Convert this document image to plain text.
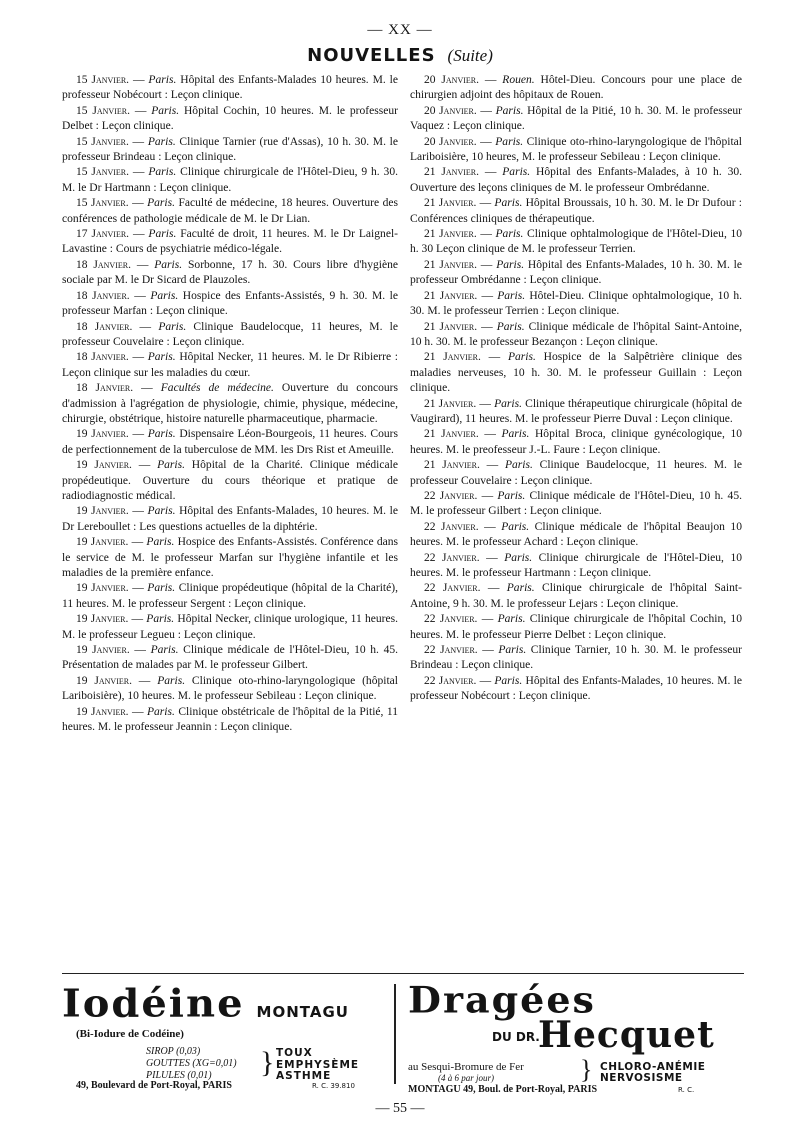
— XX —
NOUVELLES (Suite)

15 Janvier. — Paris. Hôpital des Enfants-Malades 10 heures. M. le professeur Nobécourt : Leçon clinique.

15 Janvier. — Paris. Hôpital Cochin, 10 heures. M. le professeur Delbet : Leçon clinique.

15 Janvier. — Paris. Clinique Tarnier (rue d'Assas), 10 h. 30. M. le professeur Brindeau : Leçon clinique.

15 Janvier. — Paris. Clinique chirurgicale de l'Hôtel-Dieu, 9 h. 30. M. le Dr Hartmann : Leçon clinique.

15 Janvier. — Paris. Faculté de médecine, 18 heures. Ouverture des conférences de pathologie médicale de M. le Dr Lian.

17 Janvier. — Paris. Faculté de droit, 11 heures. M. le Dr Laignel-Lavastine : Cours de psychiatrie médico-légale.

18 Janvier. — Paris. Sorbonne, 17 h. 30. Cours libre d'hygiène sociale par M. le Dr Sicard de Plauzoles.

18 Janvier. — Paris. Hospice des Enfants-Assistés, 9 h. 30. M. le professeur Marfan : Leçon clinique.

18 Janvier. — Paris. Clinique Baudelocque, 11 heures, M. le professeur Couvelaire : Leçon clinique.

18 Janvier. — Paris. Hôpital Necker, 11 heures. M. le Dr Ribierre : Leçon clinique sur les maladies du cœur.

18 Janvier. — Facultés de médecine. Ouverture du concours d'admission à l'agrégation de physiologie, chimie, physique, médecine, chirurgie, obstétrique, histoire naturelle pharmaceutique, pharmacie.

19 Janvier. — Paris. Dispensaire Léon-Bourgeois, 11 heures. Cours de perfectionnement de la tuberculose de MM. les Drs Rist et Ameuille.

19 Janvier. — Paris. Hôpital de la Charité. Clinique médicale propédeutique. Ouverture du cours théorique et pratique de radiodiagnostic médical.

19 Janvier. — Paris. Hôpital des Enfants-Malades, 10 heures. M. le Dr Lereboullet : Les questions actuelles de la diphtérie.

19 Janvier. — Paris. Hospice des Enfants-Assistés. Conférence dans le service de M. le professeur Marfan sur l'hygiène infantile et les maladies de la première enfance.

19 Janvier. — Paris. Clinique propédeutique (hôpital de la Charité), 11 heures. M. le professeur Sergent : Leçon clinique.

19 Janvier. — Paris. Hôpital Necker, clinique urologique, 11 heures. M. le professeur Legueu : Leçon clinique.

19 Janvier. — Paris. Clinique médicale de l'Hôtel-Dieu, 10 h. 45. Présentation de malades par M. le professeur Gilbert.

19 Janvier. — Paris. Clinique oto-rhino-laryngologique (hôpital Lariboisière), 10 heures. M. le professeur Sebileau : Leçon clinique.

19 Janvier. — Paris. Clinique obstétricale de l'hôpital de la Pitié, 11 heures. M. le professeur Jeannin : Leçon clinique.

20 Janvier. — Rouen. Hôtel-Dieu. Concours pour une place de chirurgien adjoint des hôpitaux de Rouen.

20 Janvier. — Paris. Hôpital de la Pitié, 10 h. 30. M. le professeur Vaquez : Leçon clinique.

20 Janvier. — Paris. Clinique oto-rhino-laryngologique de l'hôpital Lariboisière, 10 heures, M. le professeur Sebileau : Leçon clinique.

21 Janvier. — Paris. Hôpital des Enfants-Malades, à 10 h. 30. Ouverture des leçons cliniques de M. le professeur Ombrédanne.

21 Janvier. — Paris. Hôpital Broussais, 10 h. 30. M. le Dr Dufour : Conférences cliniques de thérapeutique.

21 Janvier. — Paris. Clinique ophtalmologique de l'Hôtel-Dieu, 10 h. 30 Leçon clinique de M. le professeur Terrien.

21 Janvier. — Paris. Hôpital des Enfants-Malades, 10 h. 30. M. le professeur Ombrédanne : Leçon clinique.

21 Janvier. — Paris. Hôtel-Dieu. Clinique ophtalmologique, 10 h. 30. M. le professeur Terrien : Leçon clinique.

21 Janvier. — Paris. Clinique médicale de l'hôpital Saint-Antoine, 10 h. 30. M. le professeur Bezançon : Leçon clinique.

21 Janvier. — Paris. Hospice de la Salpêtrière clinique des maladies nerveuses, 10 h. 30. M. le professeur Guillain : Leçon clinique.

21 Janvier. — Paris. Clinique thérapeutique chirurgicale (hôpital de Vaugirard), 11 heures. M. le professeur Pierre Duval : Leçon clinique.

21 Janvier. — Paris. Hôpital Broca, clinique gynécologique, 10 heures. M. le preofesseur J.-L. Faure : Leçon clinique.

21 Janvier. — Paris. Clinique Baudelocque, 11 heures. M. le professeur Couvelaire : Leçon clinique.

22 Janvier. — Paris. Clinique médicale de l'Hôtel-Dieu, 10 h. 45. M. le professeur Gilbert : Leçon clinique.

22 Janvier. — Paris. Clinique médicale de l'hôpital Beaujon 10 heures. M. le professeur Achard : Leçon clinique.

22 Janvier. — Paris. Clinique chirurgicale de l'Hôtel-Dieu, 10 heures. M. le professeur Hartmann : Leçon clinique.

22 Janvier. — Paris. Clinique chirurgicale de l'hôpital Saint-Antoine, 9 h. 30. M. le professeur Lejars : Leçon clinique.

22 Janvier. — Paris. Clinique chirurgicale de l'hôpital Cochin, 10 heures. M. le professeur Pierre Delbet : Leçon clinique.

22 Janvier. — Paris. Clinique Tarnier, 10 h. 30. M. le professeur Brindeau : Leçon clinique.

22 Janvier. — Paris. Hôpital des Enfants-Malades, 10 heures. M. le professeur Nobécourt : Leçon clinique.

Iodéine MONTAGU
(Bi-Iodure de Codéine)
SIROP (0,03)
GOUTTES (XG=0,01)
PILULES (0,01)	} TOUX
EMPHYSÈME
ASTHME
49, Boulevard de Port-Royal, PARIS	R. C. 39.810
Dragées
DU DR.
Hecquet
au Sesqui-Bromure de Fer
(4 à 6 par jour)	} CHLORO-ANÉMIE
NERVOSISME
MONTAGU 49, Boul. de Port-Royal, PARIS	R. C.
— 55 —
